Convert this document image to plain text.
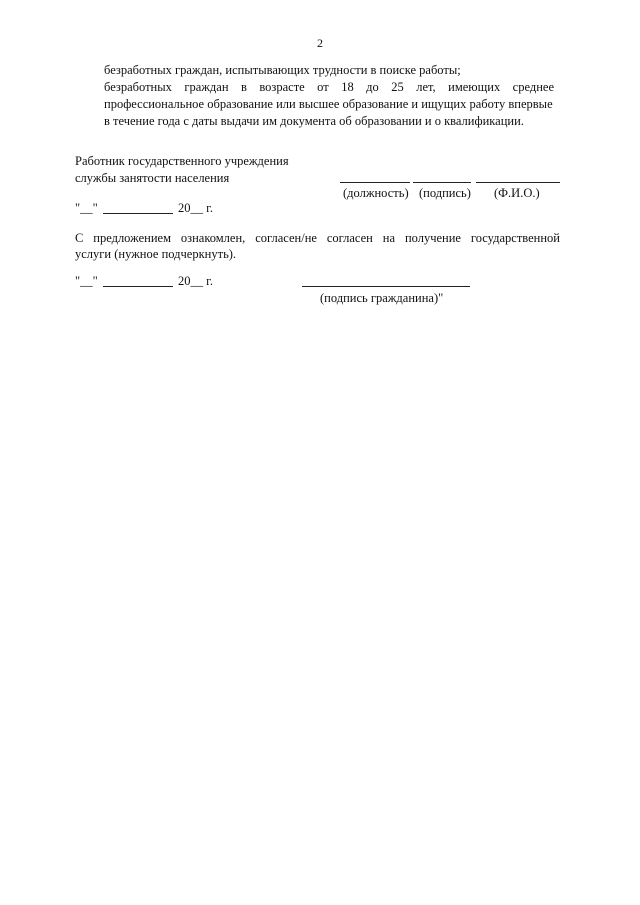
2
безработных граждан, испытывающих трудности в поиске работы;
безработных граждан в возрасте от 18 до 25 лет, имеющих среднее
профессиональное образование или высшее образование и ищущих работу впервые
в течение года с даты выдачи им документа об образовании и о квалификации.
Работник государственного учреждения
службы занятости населения
(должность) (подпись) (Ф.И.О.)
"__"	20__ г.
С предложением ознакомлен, согласен/не согласен на получение государственной
услуги (нужное подчеркнуть).
"__"	20__ г.
(подпись гражданина)"
